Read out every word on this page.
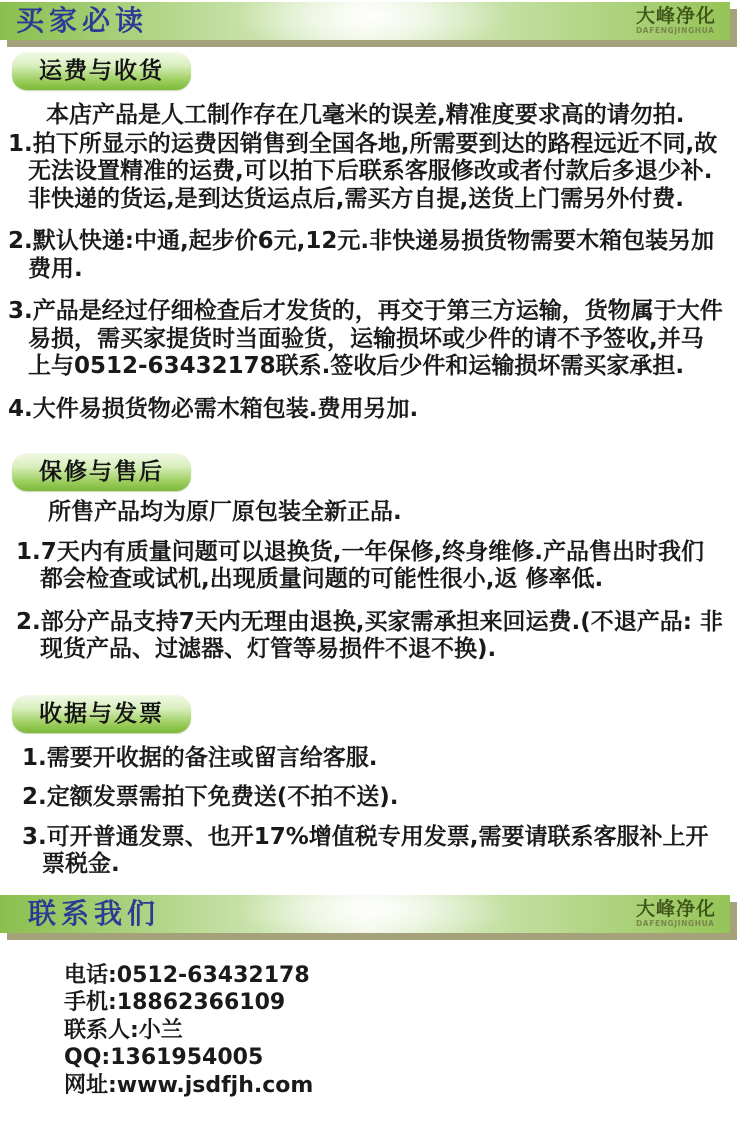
买家必读	大峰净化
DAFENGJINGHUA
运费与收货

本店产品是人工制作存在几毫米的误差,精准度要求高的请勿拍.

1.拍下所显示的运费因销售到全国各地,所需要到达的路程远近不同,故无法设置精准的运费,可以拍下后联系客服修改或者付款后多退少补.非快递的货运,是到达货运点后,需买方自提,送货上门需另外付费.

2.默认快递:中通,起步价6元,12元.非快递易损货物需要木箱包装另加费用.

3.产品是经过仔细检查后才发货的，再交于第三方运输，货物属于大件易损，需买家提货时当面验货，运输损坏或少件的请不予签收,并马上与0512-63432178联系.签收后少件和运输损坏需买家承担.

4.大件易损货物必需木箱包装.费用另加.

保修与售后

所售产品均为原厂原包装全新正品.

1.7天内有质量问题可以退换货,一年保修,终身维修.产品售出时我们都会检查或试机,出现质量问题的可能性很小,返 修率低.

2.部分产品支持7天内无理由退换,买家需承担来回运费.(不退产品: 非现货产品、过滤器、灯管等易损件不退不换).

收据与发票

1.需要开收据的备注或留言给客服.

2.定额发票需拍下免费送(不拍不送).

3.可开普通发票、也开17%增值税专用发票,需要请联系客服补上开票税金.

联系我们	大峰净化
DAFENGJINGHUA
电话:0512-63432178
手机:18862366109
联系人:小兰
QQ:1361954005
网址:www.jsdfjh.com
